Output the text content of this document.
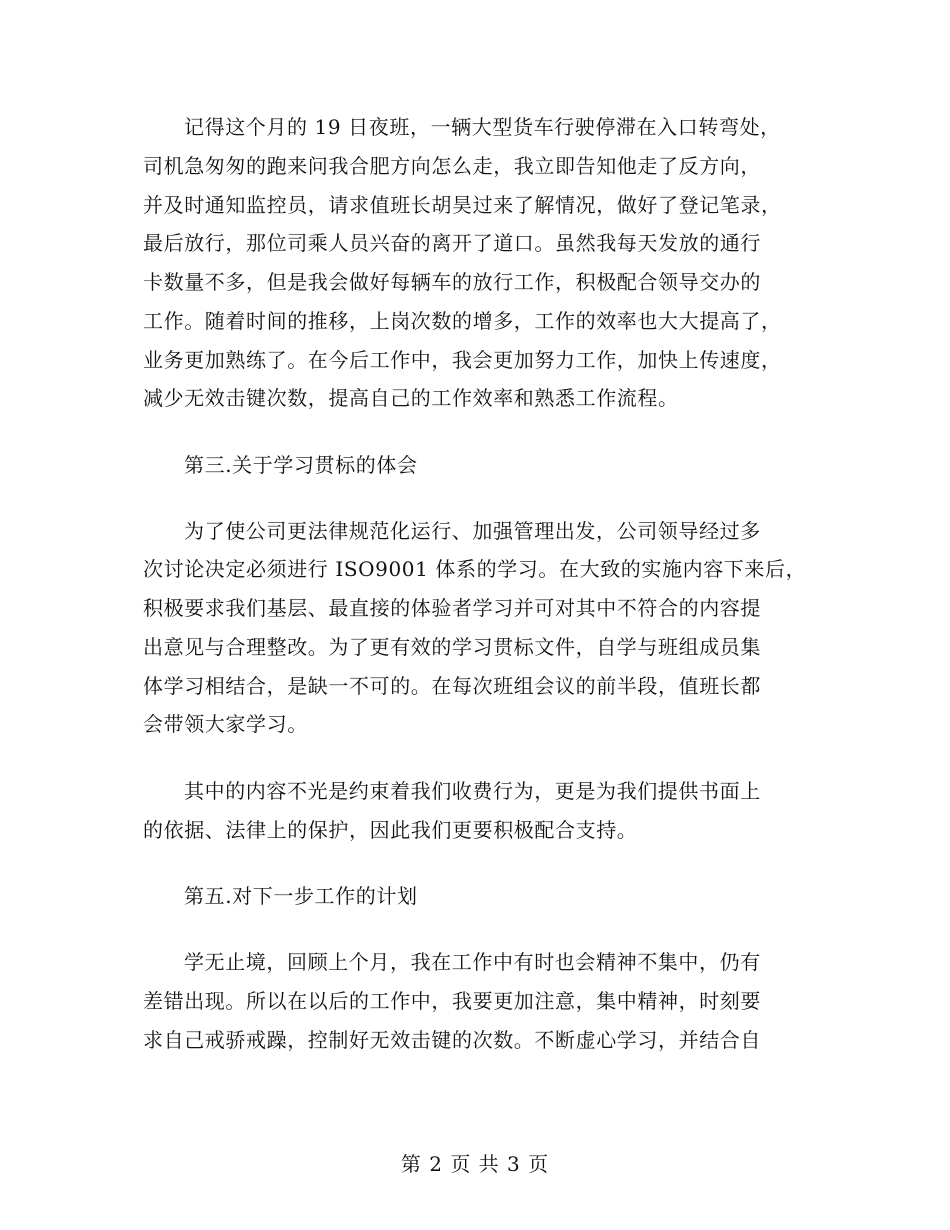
记得这个月的 19 日夜班，一辆大型货车行驶停滞在入口转弯处，
司机急匆匆的跑来问我合肥方向怎么走，我立即告知他走了反方向，
并及时通知监控员，请求值班长胡昊过来了解情况，做好了登记笔录，
最后放行，那位司乘人员兴奋的离开了道口。虽然我每天发放的通行
卡数量不多，但是我会做好每辆车的放行工作，积极配合领导交办的
工作。随着时间的推移，上岗次数的增多，工作的效率也大大提高了，
业务更加熟练了。在今后工作中，我会更加努力工作，加快上传速度，
减少无效击键次数，提高自己的工作效率和熟悉工作流程。
第三.关于学习贯标的体会
为了使公司更法律规范化运行、加强管理出发，公司领导经过多
次讨论决定必须进行 ISO9001 体系的学习。在大致的实施内容下来后，
积极要求我们基层、最直接的体验者学习并可对其中不符合的内容提
出意见与合理整改。为了更有效的学习贯标文件，自学与班组成员集
体学习相结合，是缺一不可的。在每次班组会议的前半段，值班长都
会带领大家学习。
其中的内容不光是约束着我们收费行为，更是为我们提供书面上
的依据、法律上的保护，因此我们更要积极配合支持。
第五.对下一步工作的计划
学无止境，回顾上个月，我在工作中有时也会精神不集中，仍有
差错出现。所以在以后的工作中，我要更加注意，集中精神，时刻要
求自己戒骄戒躁，控制好无效击键的次数。不断虚心学习，并结合自
第 2 页 共 3 页
